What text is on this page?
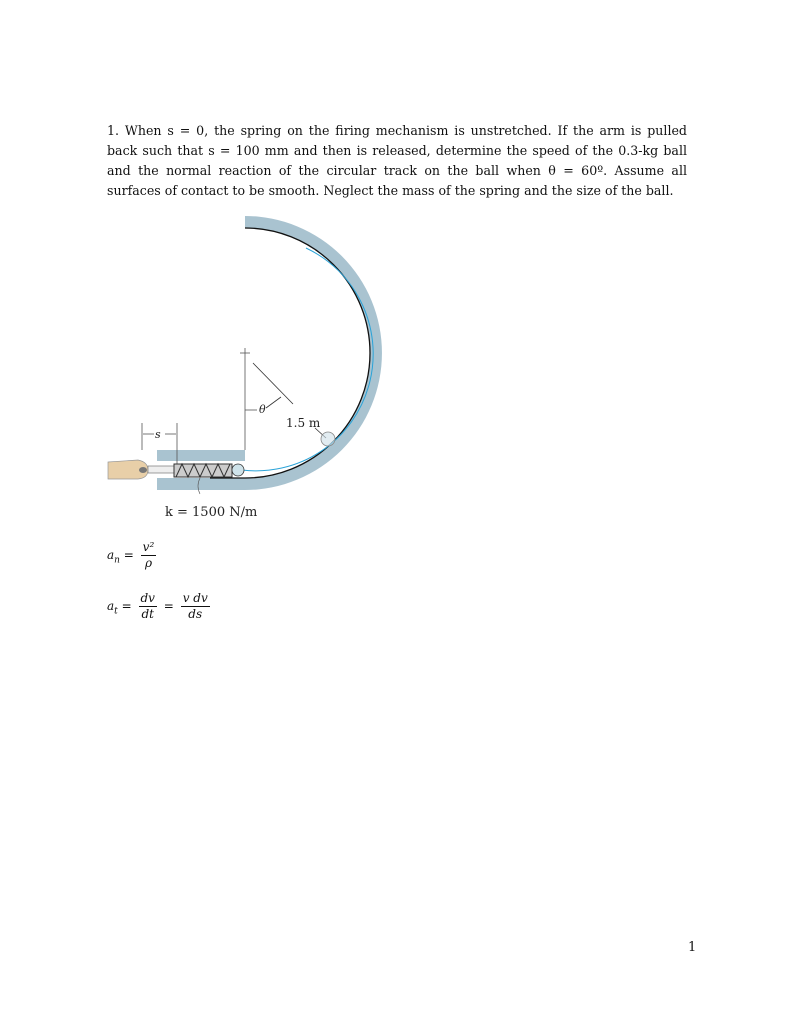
1. When s = 0, the spring on the firing mechanism is unstretched. If the arm is pulled back such that s = 100 mm and then is released, determine the speed of the 0.3-kg ball and the normal reaction of the circular track on the ball when θ = 60º. Assume all surfaces of contact to be smooth. Neglect the mass of the spring and the size of the ball.

θ
1.5 m
s
k = 1500 N/m
$a_n = \frac{\text{v²}}{\rho}$
$a_t = \frac{dv}{dt} = \frac{\text{v dv}}{ds}$
1
